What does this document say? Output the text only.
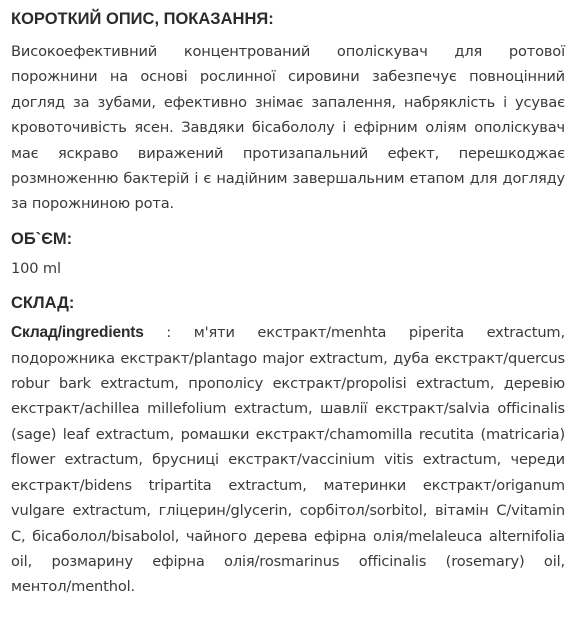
КОРОТКИЙ ОПИС, ПОКАЗАННЯ:

Високоефективний концентрований ополіскувач для ротової порожнини на основі рослинної сировини забезпечує повноцінний догляд за зубами, ефективно знімає запалення, набряклість і усуває кровоточивість ясен. Завдяки бісабололу і ефірним оліям ополіскувач має яскраво виражений протизапальний ефект, перешкоджає розмноженню бактерій і є надійним завершальним етапом для догляду за порожниною рота.

ОБ`ЄМ:

100 ml

СКЛАД:

Склад/ingredients : м'яти екстракт/menhta piperita extractum, подорожника екстракт/plantago major extractum, дуба екстракт/quercus robur bark extractum, прополісу екстракт/propolisi extractum, деревію екстракт/achillea millefolium extractum, шавлії екстракт/salvia officinalis (sage) leaf extractum, ромашки екстракт/chamomilla recutita (matricaria) flower extractum, брусниці екстракт/vaccinium vitis extractum, череди екстракт/bidens tripartita extractum, материнки екстракт/origanum vulgare extractum, гліцерин/glycerin, сорбітол/sorbitol, вітамін C/vitamin C, бісаболол/bisabolol, чайного дерева ефірна олія/melaleuca alternifolia oil, розмарину ефірна олія/rosmarinus officinalis (rosemary) oil, ментол/menthol.
